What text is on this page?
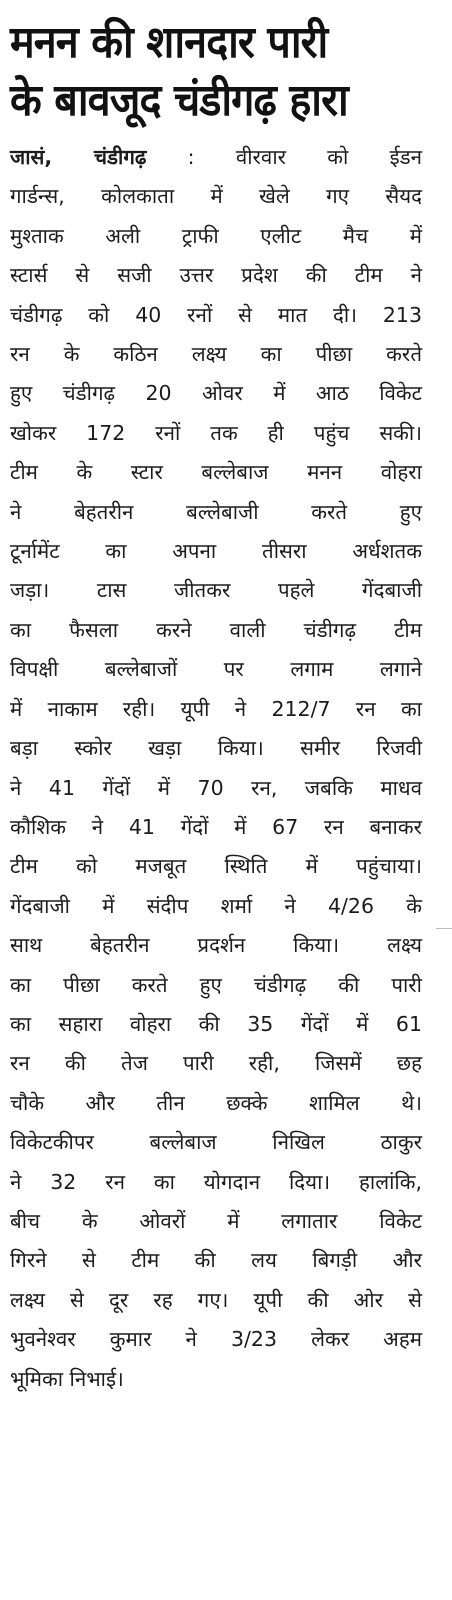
मनन की शानदार पारी
के बावजूद चंडीगढ़ हारा
जासं, चंडीगढ़ : वीरवार को ईडन
गार्डन्स, कोलकाता में खेले गए सैयद
मुश्ताक अली ट्राफी एलीट मैच में
स्टार्स से सजी उत्तर प्रदेश की टीम ने
चंडीगढ़ को 40 रनों से मात दी। 213
रन के कठिन लक्ष्य का पीछा करते
हुए चंडीगढ़ 20 ओवर में आठ विकेट
खोकर 172 रनों तक ही पहुंच सकी।
टीम के स्टार बल्लेबाज मनन वोहरा
ने बेहतरीन बल्लेबाजी करते हुए
टूर्नामेंट का अपना तीसरा अर्धशतक
जड़ा। टास जीतकर पहले गेंदबाजी
का फैसला करने वाली चंडीगढ़ टीम
विपक्षी बल्लेबाजों पर लगाम लगाने
में नाकाम रही। यूपी ने 212/7 रन का
बड़ा स्कोर खड़ा किया। समीर रिजवी
ने 41 गेंदों में 70 रन, जबकि माधव
कौशिक ने 41 गेंदों में 67 रन बनाकर
टीम को मजबूत स्थिति में पहुंचाया।
गेंदबाजी में संदीप शर्मा ने 4/26 के
साथ बेहतरीन प्रदर्शन किया। लक्ष्य
का पीछा करते हुए चंडीगढ़ की पारी
का सहारा वोहरा की 35 गेंदों में 61
रन की तेज पारी रही, जिसमें छह
चौके और तीन छक्के शामिल थे।
विकेटकीपर बल्लेबाज निखिल ठाकुर
ने 32 रन का योगदान दिया। हालांकि,
बीच के ओवरों में लगातार विकेट
गिरने से टीम की लय बिगड़ी और
लक्ष्य से दूर रह गए। यूपी की ओर से
भुवनेश्वर कुमार ने 3/23 लेकर अहम
भूमिका निभाई।
